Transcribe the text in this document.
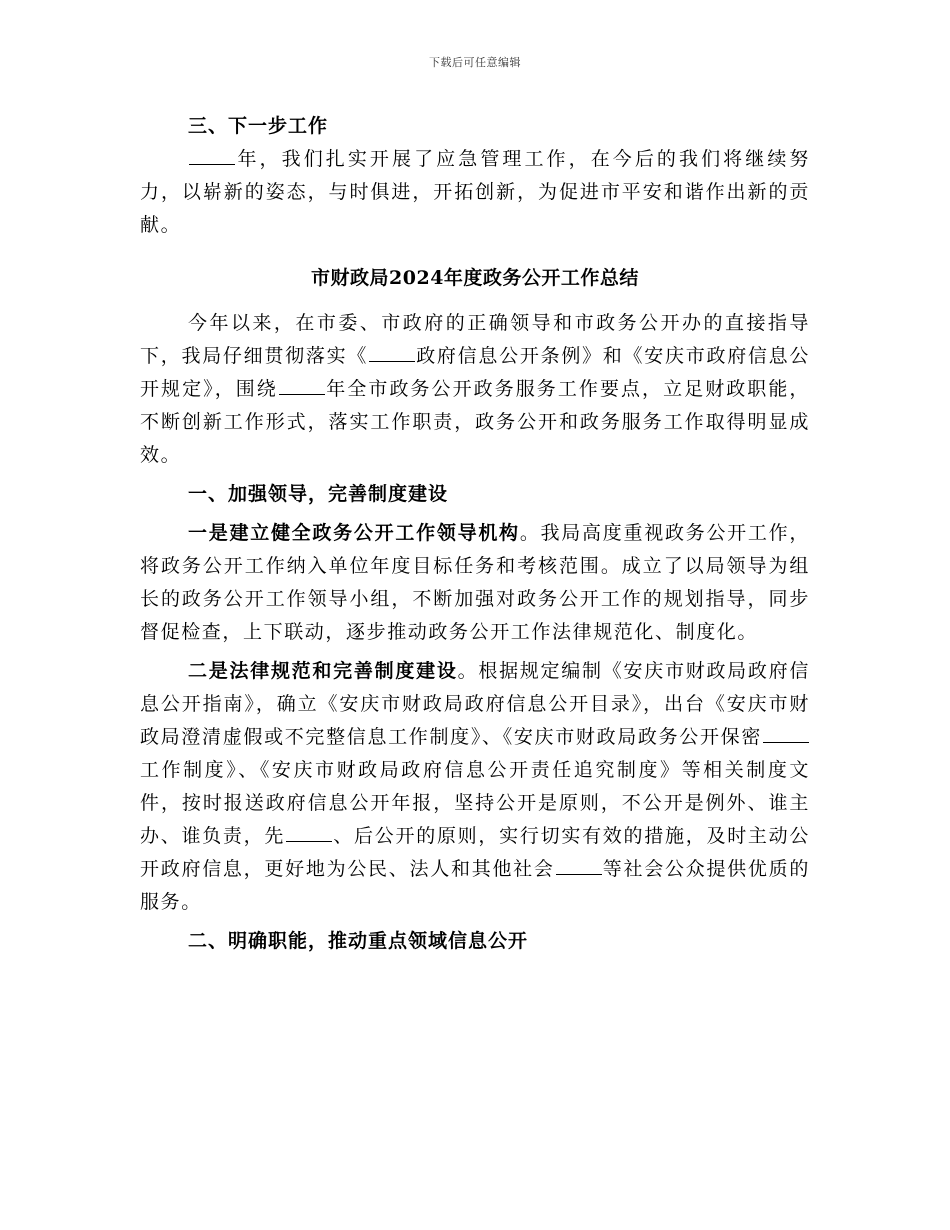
下载后可任意编辑

三、下一步工作

年，我们扎实开展了应急管理工作，在今后的我们将继续努力，以崭新的姿态，与时俱进，开拓创新，为促进市平安和谐作出新的贡献。

市财政局2024年度政务公开工作总结

今年以来，在市委、市政府的正确领导和市政务公开办的直接指导下，我局仔细贯彻落实《	政府信息公开条例》和《安庆市政府信息公开规定》，围绕	年全市政务公开政务服务工作要点，立足财政职能，不断创新工作形式，落实工作职责，政务公开和政务服务工作取得明显成效。

一、加强领导，完善制度建设

一是建立健全政务公开工作领导机构。我局高度重视政务公开工作，将政务公开工作纳入单位年度目标任务和考核范围。成立了以局领导为组长的政务公开工作领导小组，不断加强对政务公开工作的规划指导，同步督促检查，上下联动，逐步推动政务公开工作法律规范化、制度化。

二是法律规范和完善制度建设。根据规定编制《安庆市财政局政府信息公开指南》，确立《安庆市财政局政府信息公开目录》，出台《安庆市财政局澄清虚假或不完整信息工作制度》、《安庆市财政局政务公开保密工作制度》、《安庆市财政局政府信息公开责任追究制度》等相关制度文件，按时报送政府信息公开年报，坚持公开是原则，不公开是例外、谁主办、谁负责，先	、后公开的原则，实行切实有效的措施，及时主动公开政府信息，更好地为公民、法人和其他社会	等社会公众提供优质的服务。

二、明确职能，推动重点领域信息公开
